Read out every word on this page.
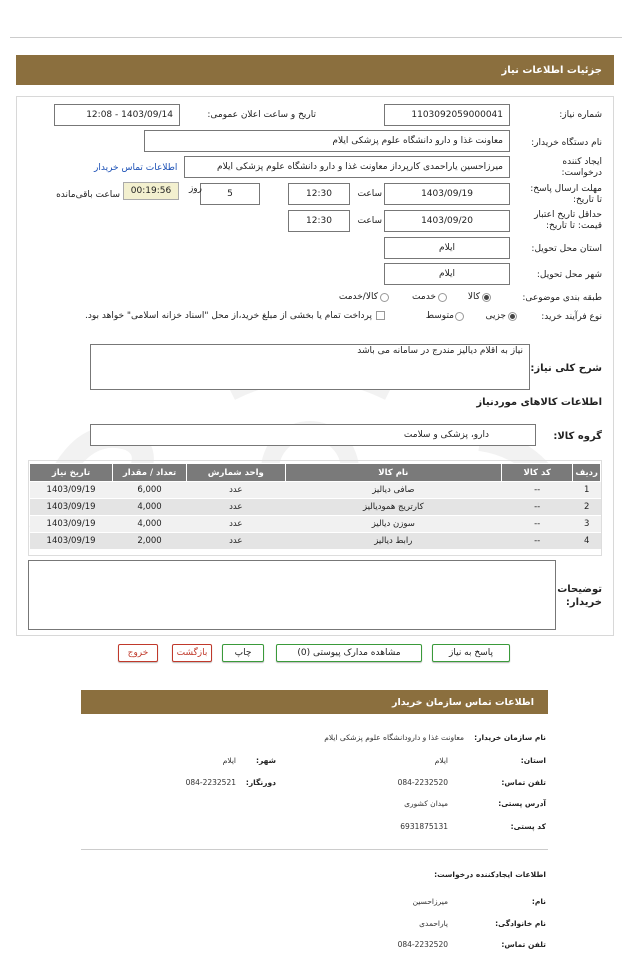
جزئیات اطلاعات نیاز
شماره نیاز:
1103092059000041
تاریخ و ساعت اعلان عمومی:
1403/09/14 - 12:08
نام دستگاه خریدار:
معاونت غذا و دارو دانشگاه علوم پزشکی ایلام
ایجاد کننده
درخواست:
میرزاحسین یاراحمدی کارپرداز معاونت غذا و دارو دانشگاه علوم پزشکی ایلام
اطلاعات تماس خریدار
مهلت ارسال پاسخ:
تا تاریخ:
1403/09/19
ساعت
12:30
5
روز
00:19:56
ساعت باقی‌مانده
حداقل تاریخ اعتبار
قیمت: تا تاریخ:
1403/09/20
ساعت
12:30
استان محل تحویل:
ایلام
شهر محل تحویل:
ایلام
طبقه بندی موضوعی:
کالا
خدمت
کالا/خدمت
نوع فرآیند خرید:
جزیی
متوسط
پرداخت تمام یا بخشی از مبلغ خرید،از محل "اسناد خزانه اسلامی" خواهد بود.
شرح کلی نیاز:
نیاز به اقلام دیالیز مندرج در سامانه می باشد
اطلاعات کالاهای موردنیاز
گروه کالا:
دارو، پزشکی و سلامت
تاریخ نیاز	تعداد / مقدار	واحد شمارش	نام کالا	کد کالا	ردیف
1403/09/19	6,000	عدد	صافی دیالیز	--	1
1403/09/19	4,000	عدد	کارتریج همودیالیز	--	2
1403/09/19	4,000	عدد	سوزن دیالیز	--	3
1403/09/19	2,000	عدد	رابط دیالیز	--	4
توضیحات
خریدار:
پاسخ به نیاز
مشاهده مدارک پیوستی (0)
چاپ
بازگشت
خروج
اطلاعات تماس سازمان خریدار
نام سازمان خریدار:
معاونت غذا و دارودانشگاه علوم پزشکی ایلام
استان:
ایلام
شهر:
ایلام
تلفن تماس:
084-2232520
دورنگار:
084-2232521
آدرس پستی:
میدان کشوری
کد پستی:
6931875131
اطلاعات ایجادکننده درخواست:
نام:
میرزاحسین
نام خانوادگی:
یاراحمدی
تلفن تماس:
084-2232520
